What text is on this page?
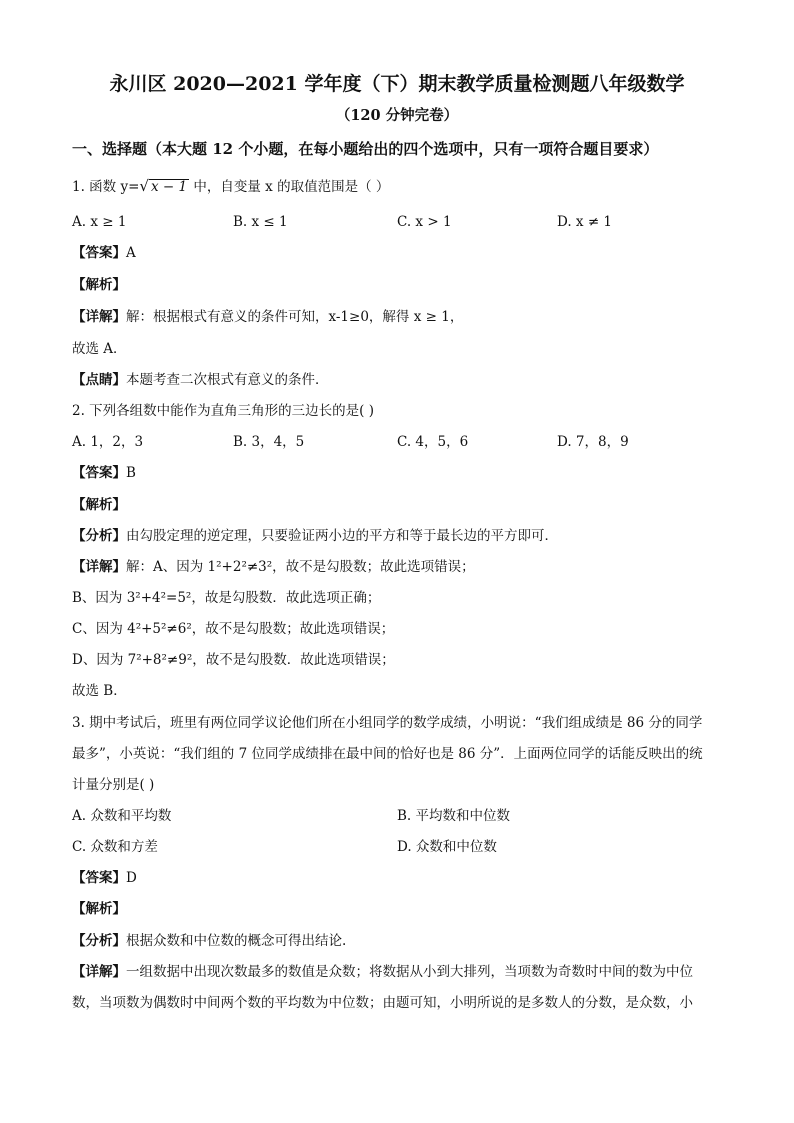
永川区 2020—2021 学年度（下）期末教学质量检测题八年级数学
（120 分钟完卷）
一、选择题（本大题 12 个小题，在每小题给出的四个选项中，只有一项符合题目要求）
1. 函数 y=√ x − 1 中，自变量 x 的取值范围是（ ）
A. x ≥ 1	B. x ≤ 1	C. x > 1	D. x ≠ 1
【答案】A
【解析】
【详解】解：根据根式有意义的条件可知，x-1≥0，解得 x ≥ 1，
故选 A．
【点睛】本题考查二次根式有意义的条件．
2. 下列各组数中能作为直角三角形的三边长的是( )
A. 1，2，3	B. 3，4，5	C. 4，5，6	D. 7，8，9
【答案】B
【解析】
【分析】由勾股定理的逆定理，只要验证两小边的平方和等于最长边的平方即可．
【详解】解：A、因为 1²+2²≠3²，故不是勾股数；故此选项错误；
B、因为 3²+4²=5²，故是勾股数．故此选项正确；
C、因为 4²+5²≠6²，故不是勾股数；故此选项错误；
D、因为 7²+8²≠9²，故不是勾股数．故此选项错误；
故选 B．
3. 期中考试后，班里有两位同学议论他们所在小组同学的数学成绩，小明说：“我们组成绩是 86 分的同学
最多”，小英说：“我们组的 7 位同学成绩排在最中间的恰好也是 86 分”．上面两位同学的话能反映出的统
计量分别是( )
A. 众数和平均数	B. 平均数和中位数
C. 众数和方差	D. 众数和中位数
【答案】D
【解析】
【分析】根据众数和中位数的概念可得出结论.
【详解】一组数据中出现次数最多的数值是众数；将数据从小到大排列，当项数为奇数时中间的数为中位
数，当项数为偶数时中间两个数的平均数为中位数；由题可知，小明所说的是多数人的分数，是众数，小
